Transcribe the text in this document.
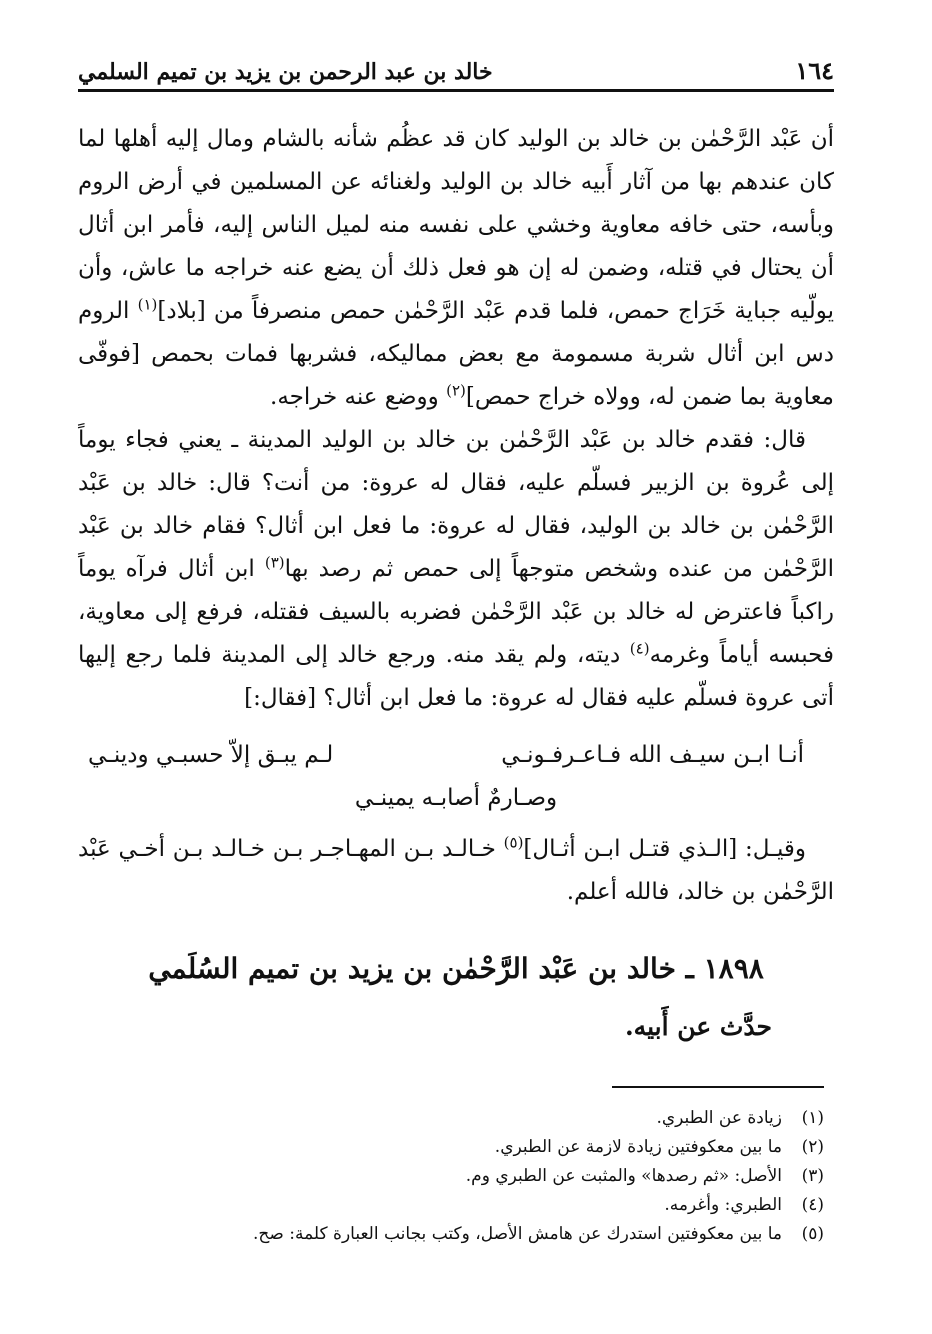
١٦٤
خالد بن عبد الرحمن بن يزيد بن تميم السلمي

أن عَبْد الرَّحْمٰن بن خالد بن الوليد كان قد عظُم شأنه بالشام ومال إليه أهلها لما كان عندهم بها من آثار أَبيه خالد بن الوليد ولغنائه عن المسلمين في أرض الروم وبأسه، حتى خافه معاوية وخشي على نفسه منه لميل الناس إليه، فأمر ابن أثال أن يحتال في قتله، وضمن له إن هو فعل ذلك أن يضع عنه خراجه ما عاش، وأن يولّيه جباية خَرَاج حمص، فلما قدم عَبْد الرَّحْمٰن حمص منصرفاً من [بلاد]$^{(١)}$ الروم دس ابن أثال شربة مسمومة مع بعض مماليكه، فشربها فمات بحمص [فوفّى معاوية بما ضمن له، وولاه خراج حمص]$^{(٢)}$ ووضع عنه خراجه.

قال: فقدم خالد بن عَبْد الرَّحْمٰن بن خالد بن الوليد المدينة ـ يعني فجاء يوماً إلى عُروة بن الزبير فسلّم عليه، فقال له عروة: من أنت؟ قال: خالد بن عَبْد الرَّحْمٰن بن خالد بن الوليد، فقال له عروة: ما فعل ابن أثال؟ فقام خالد بن عَبْد الرَّحْمٰن من عنده وشخص متوجهاً إلى حمص ثم رصد بها$^{(٣)}$ ابن أثال فرآه يوماً راكباً فاعترض له خالد بن عَبْد الرَّحْمٰن فضربه بالسيف فقتله، فرفع إلى معاوية، فحبسه أياماً وغرمه$^{(٤)}$ ديته، ولم يقد منه. ورجع خالد إلى المدينة فلما رجع إليها أتى عروة فسلّم عليه فقال له عروة: ما فعل ابن أثال؟ [فقال:]

أنـا ابـن سيـف الله فـاعـرفـونـي
لـم يبـق إلاّ حسبـي ودينـي
وصـارمٌ أصابـه يمينـي

وقيـل: [الـذي قتـل ابـن أثـال]$^{(٥)}$ خـالـد بـن المهـاجـر بـن خـالـد بـن أخـي عَبْد الرَّحْمٰن بن خالد، فالله أعلم.

١٨٩٨ ـ خالد بن عَبْد الرَّحْمٰن بن يزيد بن تميم السُلَمي
حدَّث عن أَبيه.
(١)
زيادة عن الطبري.
(٢)
ما بين معكوفتين زيادة لازمة عن الطبري.
(٣)
الأصل: «ثم رصدها» والمثبت عن الطبري وم.
(٤)
الطبري: وأغرمه.
(٥)
ما بين معكوفتين استدرك عن هامش الأصل، وكتب بجانب العبارة كلمة: صح.
